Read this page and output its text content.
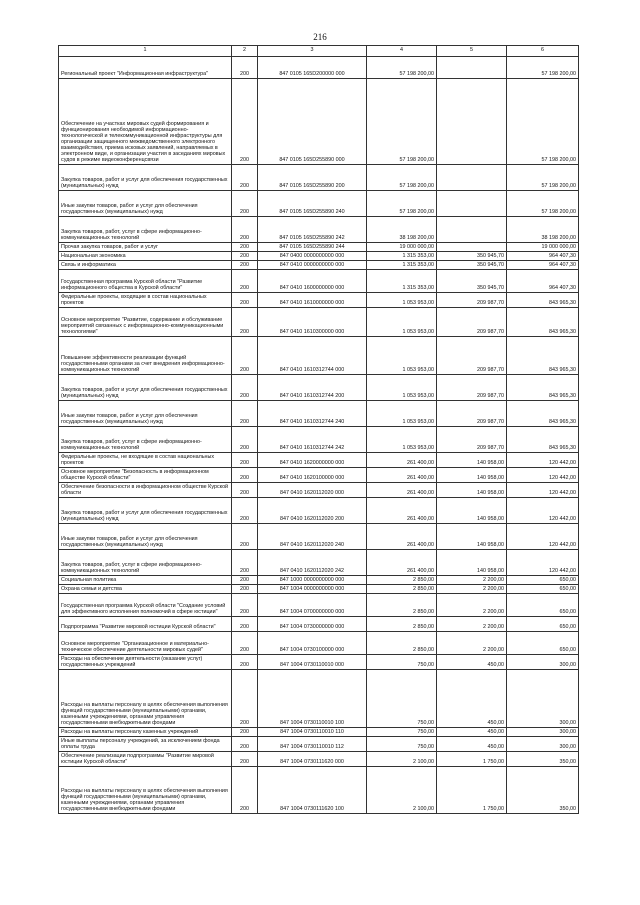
216
1	2	3	4	5	6
Региональный проект "Информационная инфраструктура"	200	847 0105 165D200000 000	57 198 200,00		57 198 200,00
Обеспечение на участках мировых судей формирования и функционирования необходимой информационно-технологической и телекоммуникационной инфраструктуры для организации защищенного межведомственного электронного взаимодействия, приема исковых заявлений, направляемых в электронном виде, и организации участия в заседаниях мировых судов в режиме видеоконференцсвязи	200	847 0105 165D255890 000	57 198 200,00		57 198 200,00
Закупка товаров, работ и услуг для обеспечения государственных (муниципальных) нужд	200	847 0105 165D255890 200	57 198 200,00		57 198 200,00
Иные закупки товаров, работ и услуг для обеспечения государственных (муниципальных) нужд	200	847 0105 165D255890 240	57 198 200,00		57 198 200,00
Закупка товаров, работ, услуг в сфере информационно-коммуникационных технологий	200	847 0105 165D255890 242	38 198 200,00		38 198 200,00
Прочая закупка товаров, работ и услуг	200	847 0105 165D255890 244	19 000 000,00		19 000 000,00
Национальная экономика	200	847 0400 0000000000 000	1 315 353,00	350 945,70	964 407,30
Связь и информатика	200	847 0410 0000000000 000	1 315 353,00	350 945,70	964 407,30
Государственная программа Курской области "Развитие информационного общества в Курской области"	200	847 0410 1600000000 000	1 315 353,00	350 945,70	964 407,30
Федеральные проекты, входящие в состав национальных проектов	200	847 0410 1610000000 000	1 053 953,00	209 987,70	843 965,30
Основное мероприятие "Развитие, содержание и обслуживание мероприятий связанных с информационно-коммуникационными технологиями"	200	847 0410 1610300000 000	1 053 953,00	209 987,70	843 965,30
Повышение эффективности реализации функций государственными органами за счет внедрения информационно-коммуникационных технологий	200	847 0410 1610312744 000	1 053 953,00	209 987,70	843 965,30
Закупка товаров, работ и услуг для обеспечения государственных (муниципальных) нужд	200	847 0410 1610312744 200	1 053 953,00	209 987,70	843 965,30
Иные закупки товаров, работ и услуг для обеспечения государственных (муниципальных) нужд	200	847 0410 1610312744 240	1 053 953,00	209 987,70	843 965,30
Закупка товаров, работ, услуг в сфере информационно-коммуникационных технологий	200	847 0410 1610312744 242	1 053 953,00	209 987,70	843 965,30
Федеральные проекты, не входящие в состав национальных проектов	200	847 0410 1620000000 000	261 400,00	140 958,00	120 442,00
Основное мероприятие "Безопасность в информационном обществе Курской области"	200	847 0410 1620100000 000	261 400,00	140 958,00	120 442,00
Обеспечение безопасности в информационном обществе Курской области	200	847 0410 1620112020 000	261 400,00	140 958,00	120 442,00
Закупка товаров, работ и услуг для обеспечения государственных (муниципальных) нужд	200	847 0410 1620112020 200	261 400,00	140 958,00	120 442,00
Иные закупки товаров, работ и услуг для обеспечения государственных (муниципальных) нужд	200	847 0410 1620112020 240	261 400,00	140 958,00	120 442,00
Закупка товаров, работ, услуг в сфере информационно-коммуникационных технологий	200	847 0410 1620112020 242	261 400,00	140 958,00	120 442,00
Социальная политика	200	847 1000 0000000000 000	2 850,00	2 200,00	650,00
Охрана семьи и детства	200	847 1004 0000000000 000	2 850,00	2 200,00	650,00
Государственная программа Курской области "Создание условий для эффективного исполнения полномочий в сфере юстиции"	200	847 1004 0700000000 000	2 850,00	2 200,00	650,00
Подпрограмма "Развитие мировой юстиции Курской области"	200	847 1004 0730000000 000	2 850,00	2 200,00	650,00
Основное мероприятие "Организационное и материально-техническое обеспечение деятельности мировых судей"	200	847 1004 0730100000 000	2 850,00	2 200,00	650,00
Расходы на обеспечение деятельности (оказание услуг) государственных учреждений	200	847 1004 0730110010 000	750,00	450,00	300,00
Расходы на выплаты персоналу в целях обеспечения выполнения функций государственными (муниципальными) органами, казенными учреждениями, органами управления государственными внебюджетными фондами	200	847 1004 0730110010 100	750,00	450,00	300,00
Расходы на выплаты персоналу казенных учреждений	200	847 1004 0730110010 110	750,00	450,00	300,00
Иные выплаты персоналу учреждений, за исключением фонда оплаты труда	200	847 1004 0730110010 112	750,00	450,00	300,00
Обеспечение реализации подпрограммы "Развитие мировой юстиции Курской области"	200	847 1004 0730111620 000	2 100,00	1 750,00	350,00
Расходы на выплаты персоналу в целях обеспечения выполнения функций государственными (муниципальными) органами, казенными учреждениями, органами управления государственными внебюджетными фондами	200	847 1004 0730111620 100	2 100,00	1 750,00	350,00
